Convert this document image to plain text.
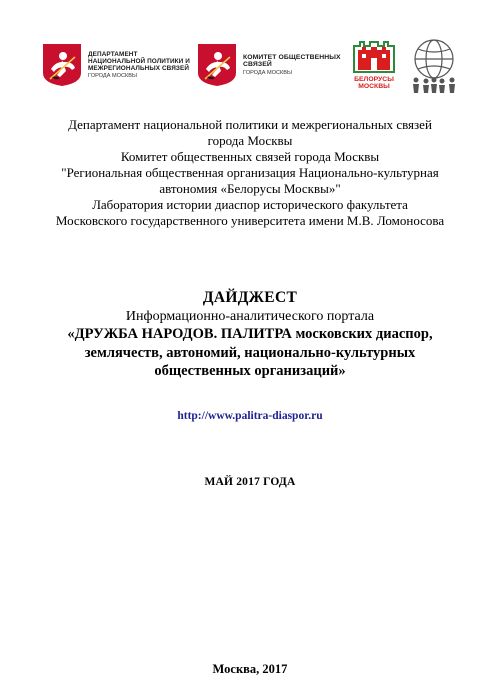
ДЕПАРТАМЕНТ
НАЦИОНАЛЬНОЙ ПОЛИТИКИ И
МЕЖРЕГИОНАЛЬНЫХ СВЯЗЕЙ
ГОРОДА МОСКВЫ
КОМИТЕТ ОБЩЕСТВЕННЫХ
СВЯЗЕЙ
ГОРОДА МОСКВЫ
БЕЛОРУСЫ
МОСКВЫ
Департамент национальной политики и межрегиональных связей
города Москвы
Комитет общественных связей города Москвы
"Региональная общественная организация Национально-культурная
автономия «Белорусы Москвы»"
Лаборатория истории диаспор исторического факультета
Московского государственного университета имени М.В. Ломоносова
ДАЙДЖЕСТ
Информационно-аналитического портала
«ДРУЖБА НАРОДОВ. ПАЛИТРА московских диаспор,
землячеств, автономий, национально-культурных
общественных организаций»
http://www.palitra-diaspor.ru
МАЙ 2017 ГОДА
Москва, 2017
